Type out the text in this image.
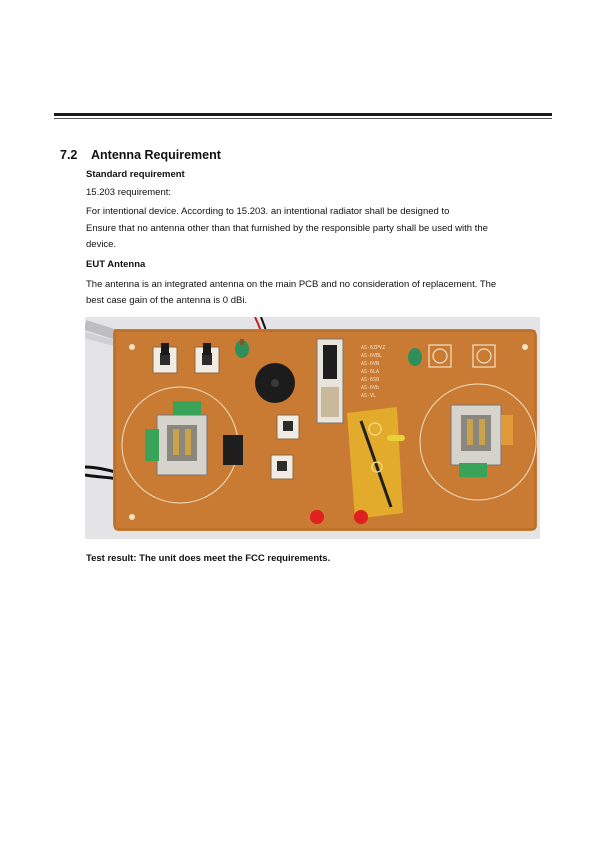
7.2 Antenna Requirement
Standard requirement
15.203 requirement:
For intentional device. According to 15.203. an intentional radiator shall be designed to
Ensure that no antenna other than that furnished by the responsible party shall be used with the
device.
EUT Antenna
The antenna is an integrated antenna on the main PCB and no consideration of replacement. The
best case gain of the antenna is 0 dBi.
AS-6ZPVZ
AS-6VBL
AS-6VN
AS-6LA
AS-6S0
AS-6Vb
AS-VL
Test result: The unit does meet the FCC requirements.
